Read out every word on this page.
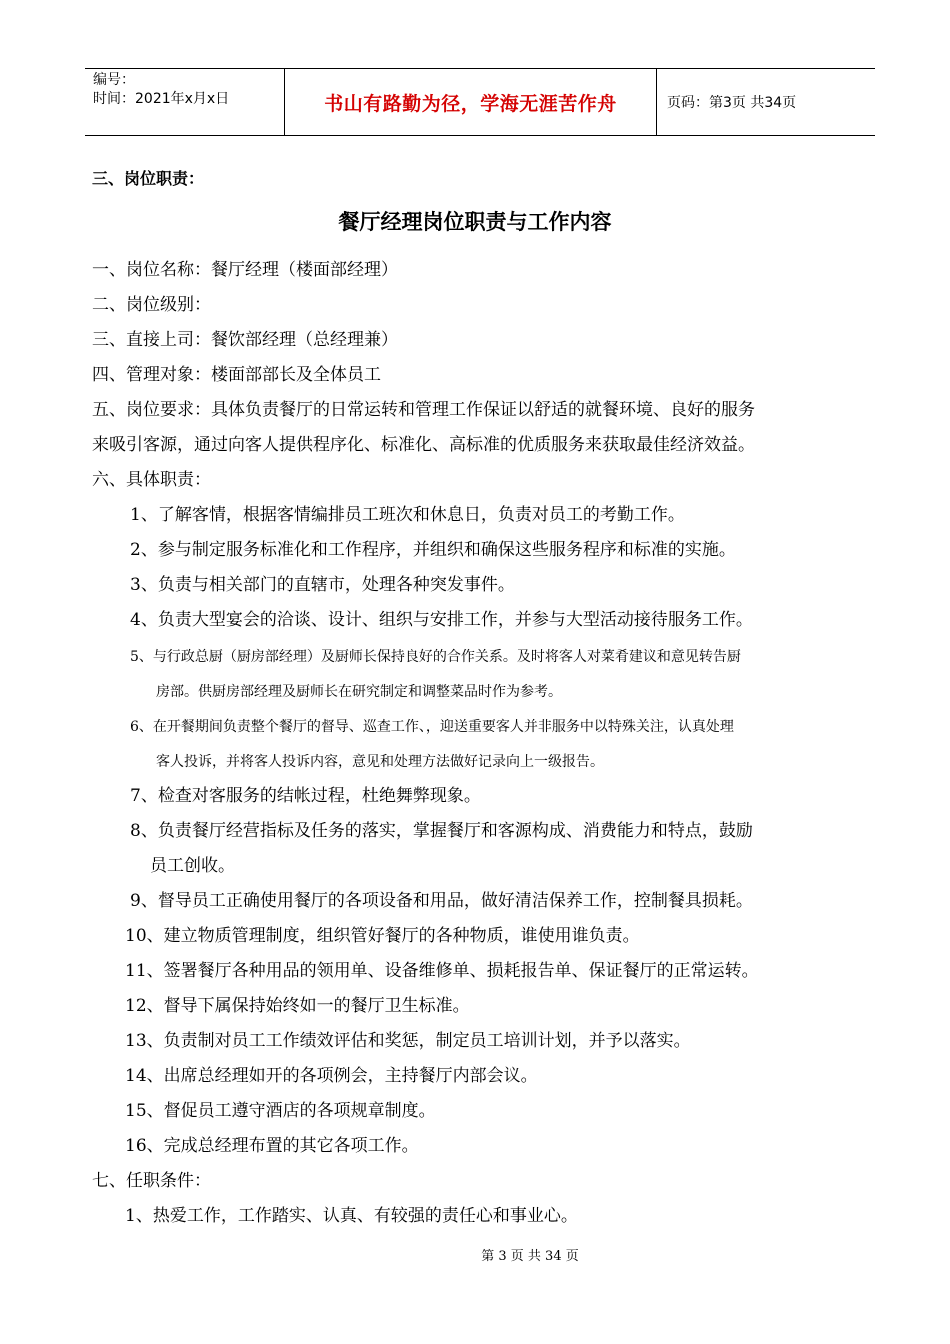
编号：
时间：2021年x月x日	书山有路勤为径，学海无涯苦作舟	页码：第3页 共34页
三、岗位职责：
餐厅经理岗位职责与工作内容
一、岗位名称：餐厅经理（楼面部经理）
二、岗位级别：
三、直接上司：餐饮部经理（总经理兼）
四、管理对象：楼面部部长及全体员工
五、岗位要求：具体负责餐厅的日常运转和管理工作保证以舒适的就餐环境、良好的服务
来吸引客源，通过向客人提供程序化、标准化、高标准的优质服务来获取最佳经济效益。
六、具体职责：
1、了解客情，根据客情编排员工班次和休息日，负责对员工的考勤工作。
2、参与制定服务标准化和工作程序，并组织和确保这些服务程序和标准的实施。
3、负责与相关部门的直辖市，处理各种突发事件。
4、负责大型宴会的洽谈、设计、组织与安排工作，并参与大型活动接待服务工作。
5、与行政总厨（厨房部经理）及厨师长保持良好的合作关系。及时将客人对菜肴建议和意见转告厨
房部。供厨房部经理及厨师长在研究制定和调整菜品时作为参考。
6、在开餐期间负责整个餐厅的督导、巡查工作、，迎送重要客人并非服务中以特殊关注，认真处理
客人投诉，并将客人投诉内容，意见和处理方法做好记录向上一级报告。
7、检查对客服务的结帐过程，杜绝舞弊现象。
8、负责餐厅经营指标及任务的落实，掌握餐厅和客源构成、消费能力和特点，鼓励
员工创收。
9、督导员工正确使用餐厅的各项设备和用品，做好清洁保养工作，控制餐具损耗。
10、建立物质管理制度，组织管好餐厅的各种物质，谁使用谁负责。
11、签署餐厅各种用品的领用单、设备维修单、损耗报告单、保证餐厅的正常运转。
12、督导下属保持始终如一的餐厅卫生标准。
13、负责制对员工工作绩效评估和奖惩，制定员工培训计划，并予以落实。
14、出席总经理如开的各项例会，主持餐厅内部会议。
15、督促员工遵守酒店的各项规章制度。
16、完成总经理布置的其它各项工作。
七、任职条件：
1、热爱工作，工作踏实、认真、有较强的责任心和事业心。
第 3 页 共 34 页
